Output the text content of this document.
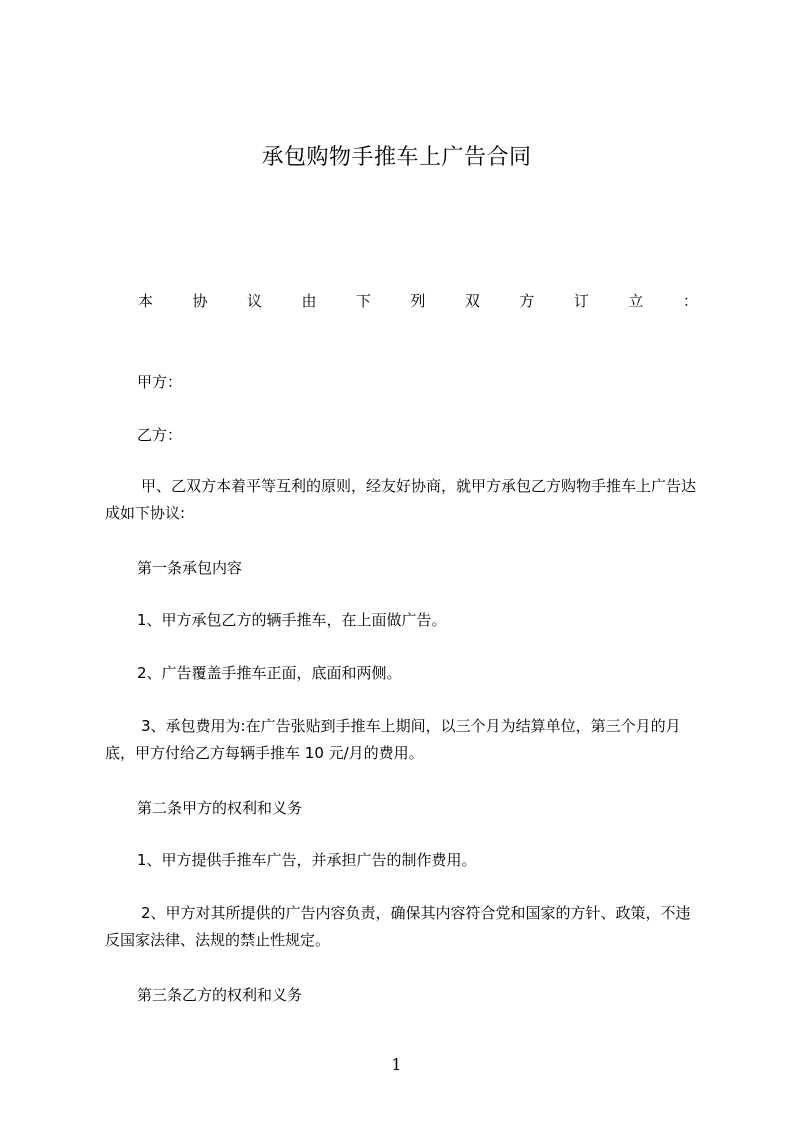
承包购物手推车上广告合同
本	协	议	由	下	列	双	方	订	立	：

甲方：

乙方：

甲、乙双方本着平等互利的原则，经友好协商，就甲方承包乙方购物手推车上广告达成如下协议:

第一条承包内容

1、甲方承包乙方的辆手推车，在上面做广告。

2、广告覆盖手推车正面，底面和两侧。

3、承包费用为:在广告张贴到手推车上期间，以三个月为结算单位，第三个月的月底，甲方付给乙方每辆手推车 10 元/月的费用。

第二条甲方的权利和义务

1、甲方提供手推车广告，并承担广告的制作费用。

2、甲方对其所提供的广告内容负责，确保其内容符合党和国家的方针、政策，不违反国家法律、法规的禁止性规定。

第三条乙方的权利和义务

1
